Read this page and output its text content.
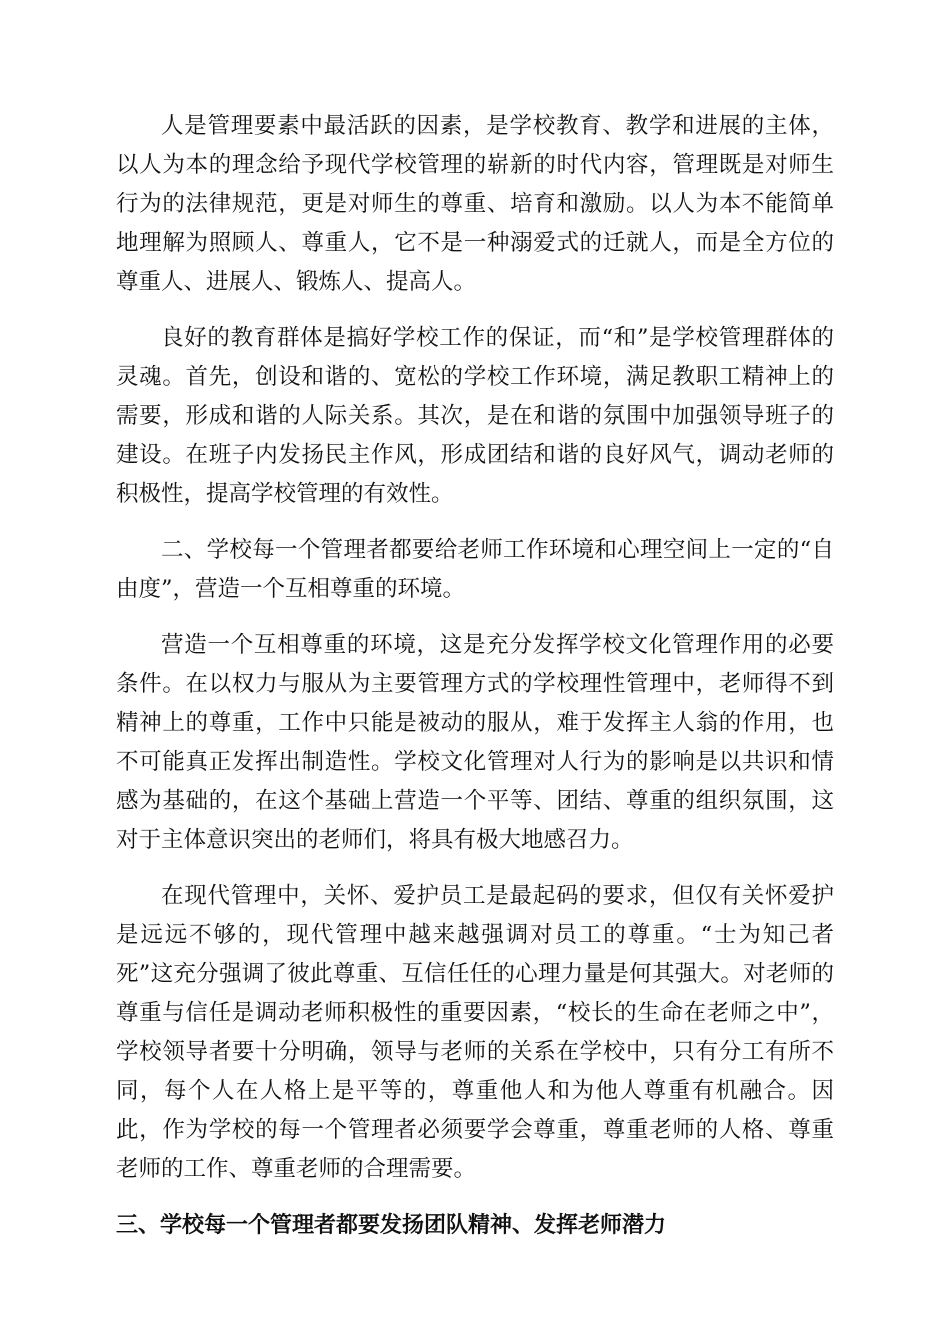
人是管理要素中最活跃的因素，是学校教育、教学和进展的主体，以人为本的理念给予现代学校管理的崭新的时代内容，管理既是对师生行为的法律规范，更是对师生的尊重、培育和激励。以人为本不能简单地理解为照顾人、尊重人，它不是一种溺爱式的迁就人，而是全方位的尊重人、进展人、锻炼人、提高人。

良好的教育群体是搞好学校工作的保证，而“和”是学校管理群体的灵魂。首先，创设和谐的、宽松的学校工作环境，满足教职工精神上的需要，形成和谐的人际关系。其次，是在和谐的氛围中加强领导班子的建设。在班子内发扬民主作风，形成团结和谐的良好风气，调动老师的积极性，提高学校管理的有效性。

二、学校每一个管理者都要给老师工作环境和心理空间上一定的“自由度”，营造一个互相尊重的环境。

营造一个互相尊重的环境，这是充分发挥学校文化管理作用的必要条件。在以权力与服从为主要管理方式的学校理性管理中，老师得不到精神上的尊重，工作中只能是被动的服从，难于发挥主人翁的作用，也不可能真正发挥出制造性。学校文化管理对人行为的影响是以共识和情感为基础的，在这个基础上营造一个平等、团结、尊重的组织氛围，这对于主体意识突出的老师们，将具有极大地感召力。

在现代管理中，关怀、爱护员工是最起码的要求，但仅有关怀爱护是远远不够的，现代管理中越来越强调对员工的尊重。“士为知己者死”这充分强调了彼此尊重、互信任任的心理力量是何其强大。对老师的尊重与信任是调动老师积极性的重要因素，“校长的生命在老师之中”，学校领导者要十分明确，领导与老师的关系在学校中，只有分工有所不同，每个人在人格上是平等的，尊重他人和为他人尊重有机融合。因此，作为学校的每一个管理者必须要学会尊重，尊重老师的人格、尊重老师的工作、尊重老师的合理需要。

三、学校每一个管理者都要发扬团队精神、发挥老师潜力
